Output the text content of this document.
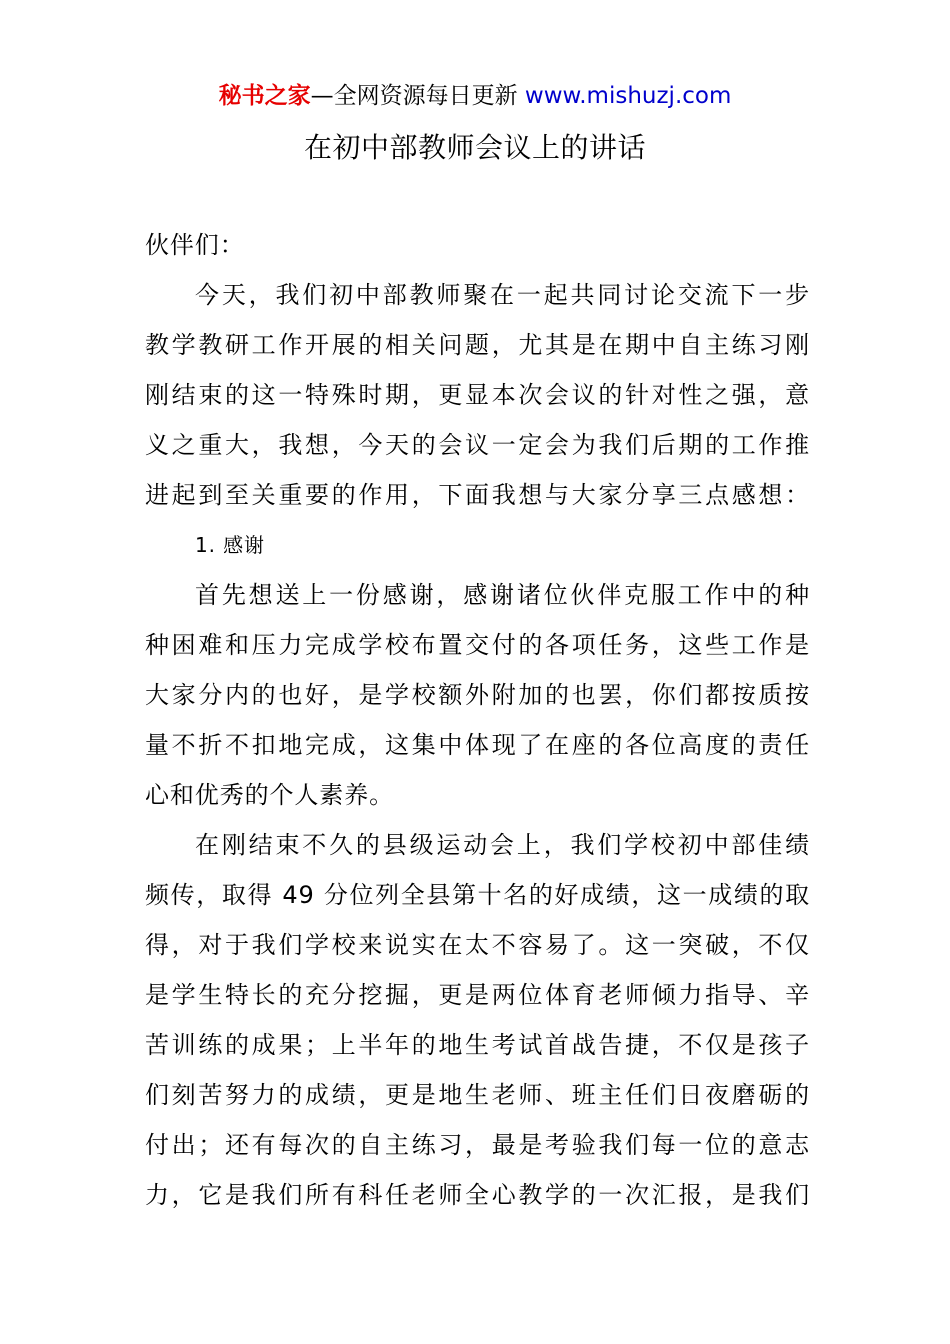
秘书之家—全网资源每日更新 www.mishuzj.com
在初中部教师会议上的讲话
伙伴们：
今天，我们初中部教师聚在一起共同讨论交流下一步
教学教研工作开展的相关问题，尤其是在期中自主练习刚
刚结束的这一特殊时期，更显本次会议的针对性之强，意
义之重大，我想，今天的会议一定会为我们后期的工作推
进起到至关重要的作用，下面我想与大家分享三点感想：
1. 感谢
首先想送上一份感谢，感谢诸位伙伴克服工作中的种
种困难和压力完成学校布置交付的各项任务，这些工作是
大家分内的也好，是学校额外附加的也罢，你们都按质按
量不折不扣地完成，这集中体现了在座的各位高度的责任
心和优秀的个人素养。
在刚结束不久的县级运动会上，我们学校初中部佳绩
频传，取得 49 分位列全县第十名的好成绩，这一成绩的取
得，对于我们学校来说实在太不容易了。这一突破，不仅
是学生特长的充分挖掘，更是两位体育老师倾力指导、辛
苦训练的成果；上半年的地生考试首战告捷，不仅是孩子
们刻苦努力的成绩，更是地生老师、班主任们日夜磨砺的
付出；还有每次的自主练习，最是考验我们每一位的意志
力，它是我们所有科任老师全心教学的一次汇报，是我们
